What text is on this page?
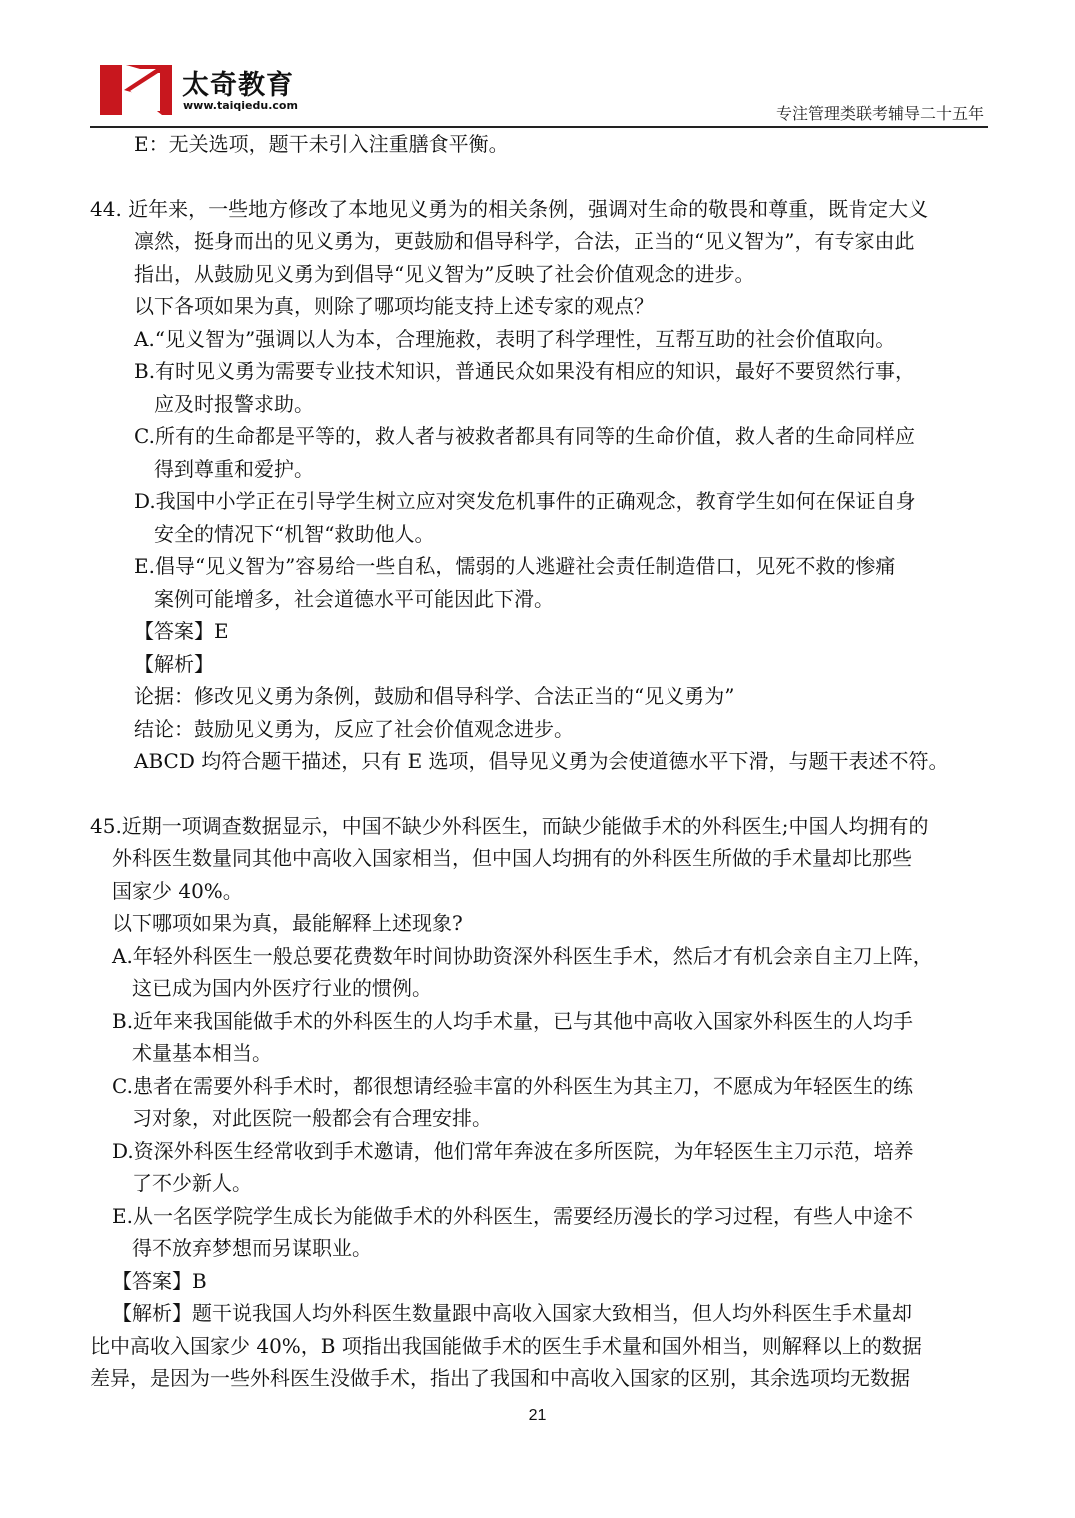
太奇教育
www.taiqiedu.com	专注管理类联考辅导二十五年
E：无关选项，题干未引入注重膳食平衡。
44. 近年来，一些地方修改了本地见义勇为的相关条例，强调对生命的敬畏和尊重，既肯定大义
凛然，挺身而出的见义勇为，更鼓励和倡导科学，合法，正当的“见义智为”，有专家由此
指出，从鼓励见义勇为到倡导“见义智为”反映了社会价值观念的进步。
以下各项如果为真，则除了哪项均能支持上述专家的观点？
A.“见义智为”强调以人为本，合理施救，表明了科学理性，互帮互助的社会价值取向。
B.有时见义勇为需要专业技术知识，普通民众如果没有相应的知识，最好不要贸然行事，
应及时报警求助。
C.所有的生命都是平等的，救人者与被救者都具有同等的生命价值，救人者的生命同样应
得到尊重和爱护。
D.我国中小学正在引导学生树立应对突发危机事件的正确观念，教育学生如何在保证自身
安全的情况下“机智“救助他人。
E.倡导“见义智为”容易给一些自私，懦弱的人逃避社会责任制造借口，见死不救的惨痛
案例可能增多，社会道德水平可能因此下滑。
【答案】E
【解析】
论据：修改见义勇为条例，鼓励和倡导科学、合法正当的“见义勇为”
结论：鼓励见义勇为，反应了社会价值观念进步。
ABCD 均符合题干描述，只有 E 选项，倡导见义勇为会使道德水平下滑，与题干表述不符。
45.近期一项调查数据显示，中国不缺少外科医生，而缺少能做手术的外科医生;中国人均拥有的
外科医生数量同其他中高收入国家相当，但中国人均拥有的外科医生所做的手术量却比那些
国家少 40%。
以下哪项如果为真，最能解释上述现象?
A.年轻外科医生一般总要花费数年时间协助资深外科医生手术，然后才有机会亲自主刀上阵，
这已成为国内外医疗行业的惯例。
B.近年来我国能做手术的外科医生的人均手术量，已与其他中高收入国家外科医生的人均手
术量基本相当。
C.患者在需要外科手术时，都很想请经验丰富的外科医生为其主刀，不愿成为年轻医生的练
习对象，对此医院一般都会有合理安排。
D.资深外科医生经常收到手术邀请，他们常年奔波在多所医院，为年轻医生主刀示范，培养
了不少新人。
E.从一名医学院学生成长为能做手术的外科医生，需要经历漫长的学习过程，有些人中途不
得不放弃梦想而另谋职业。
【答案】B
【解析】题干说我国人均外科医生数量跟中高收入国家大致相当，但人均外科医生手术量却
比中高收入国家少 40%，B 项指出我国能做手术的医生手术量和国外相当，则解释以上的数据
差异，是因为一些外科医生没做手术，指出了我国和中高收入国家的区别，其余选项均无数据
21
